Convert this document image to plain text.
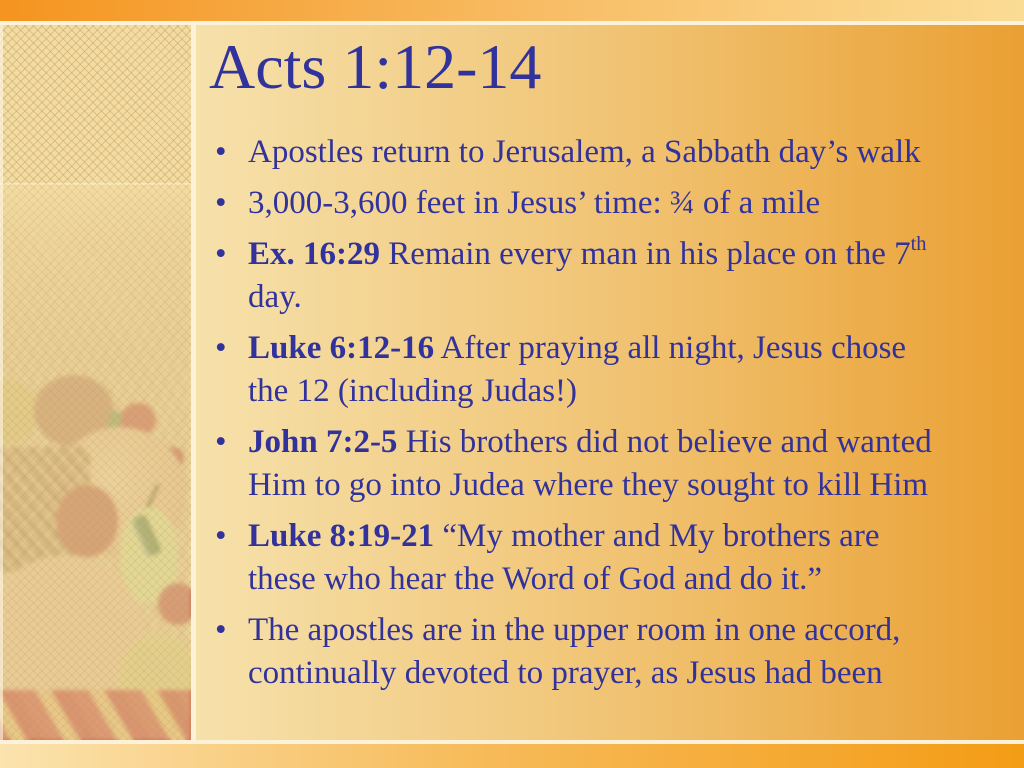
Acts 1:12-14
• Apostles return to Jerusalem, a Sabbath day’s walk
• 3,000-3,600 feet in Jesus’ time: ¾ of a mile
• Ex. 16:29 Remain every man in his place on the 7th
day.
• Luke 6:12-16 After praying all night, Jesus chose
the 12 (including Judas!)
• John 7:2-5 His brothers did not believe and wanted
Him to go into Judea where they sought to kill Him
• Luke 8:19-21 “My mother and My brothers are
these who hear the Word of God and do it.”
• The apostles are in the upper room in one accord,
continually devoted to prayer, as Jesus had been
